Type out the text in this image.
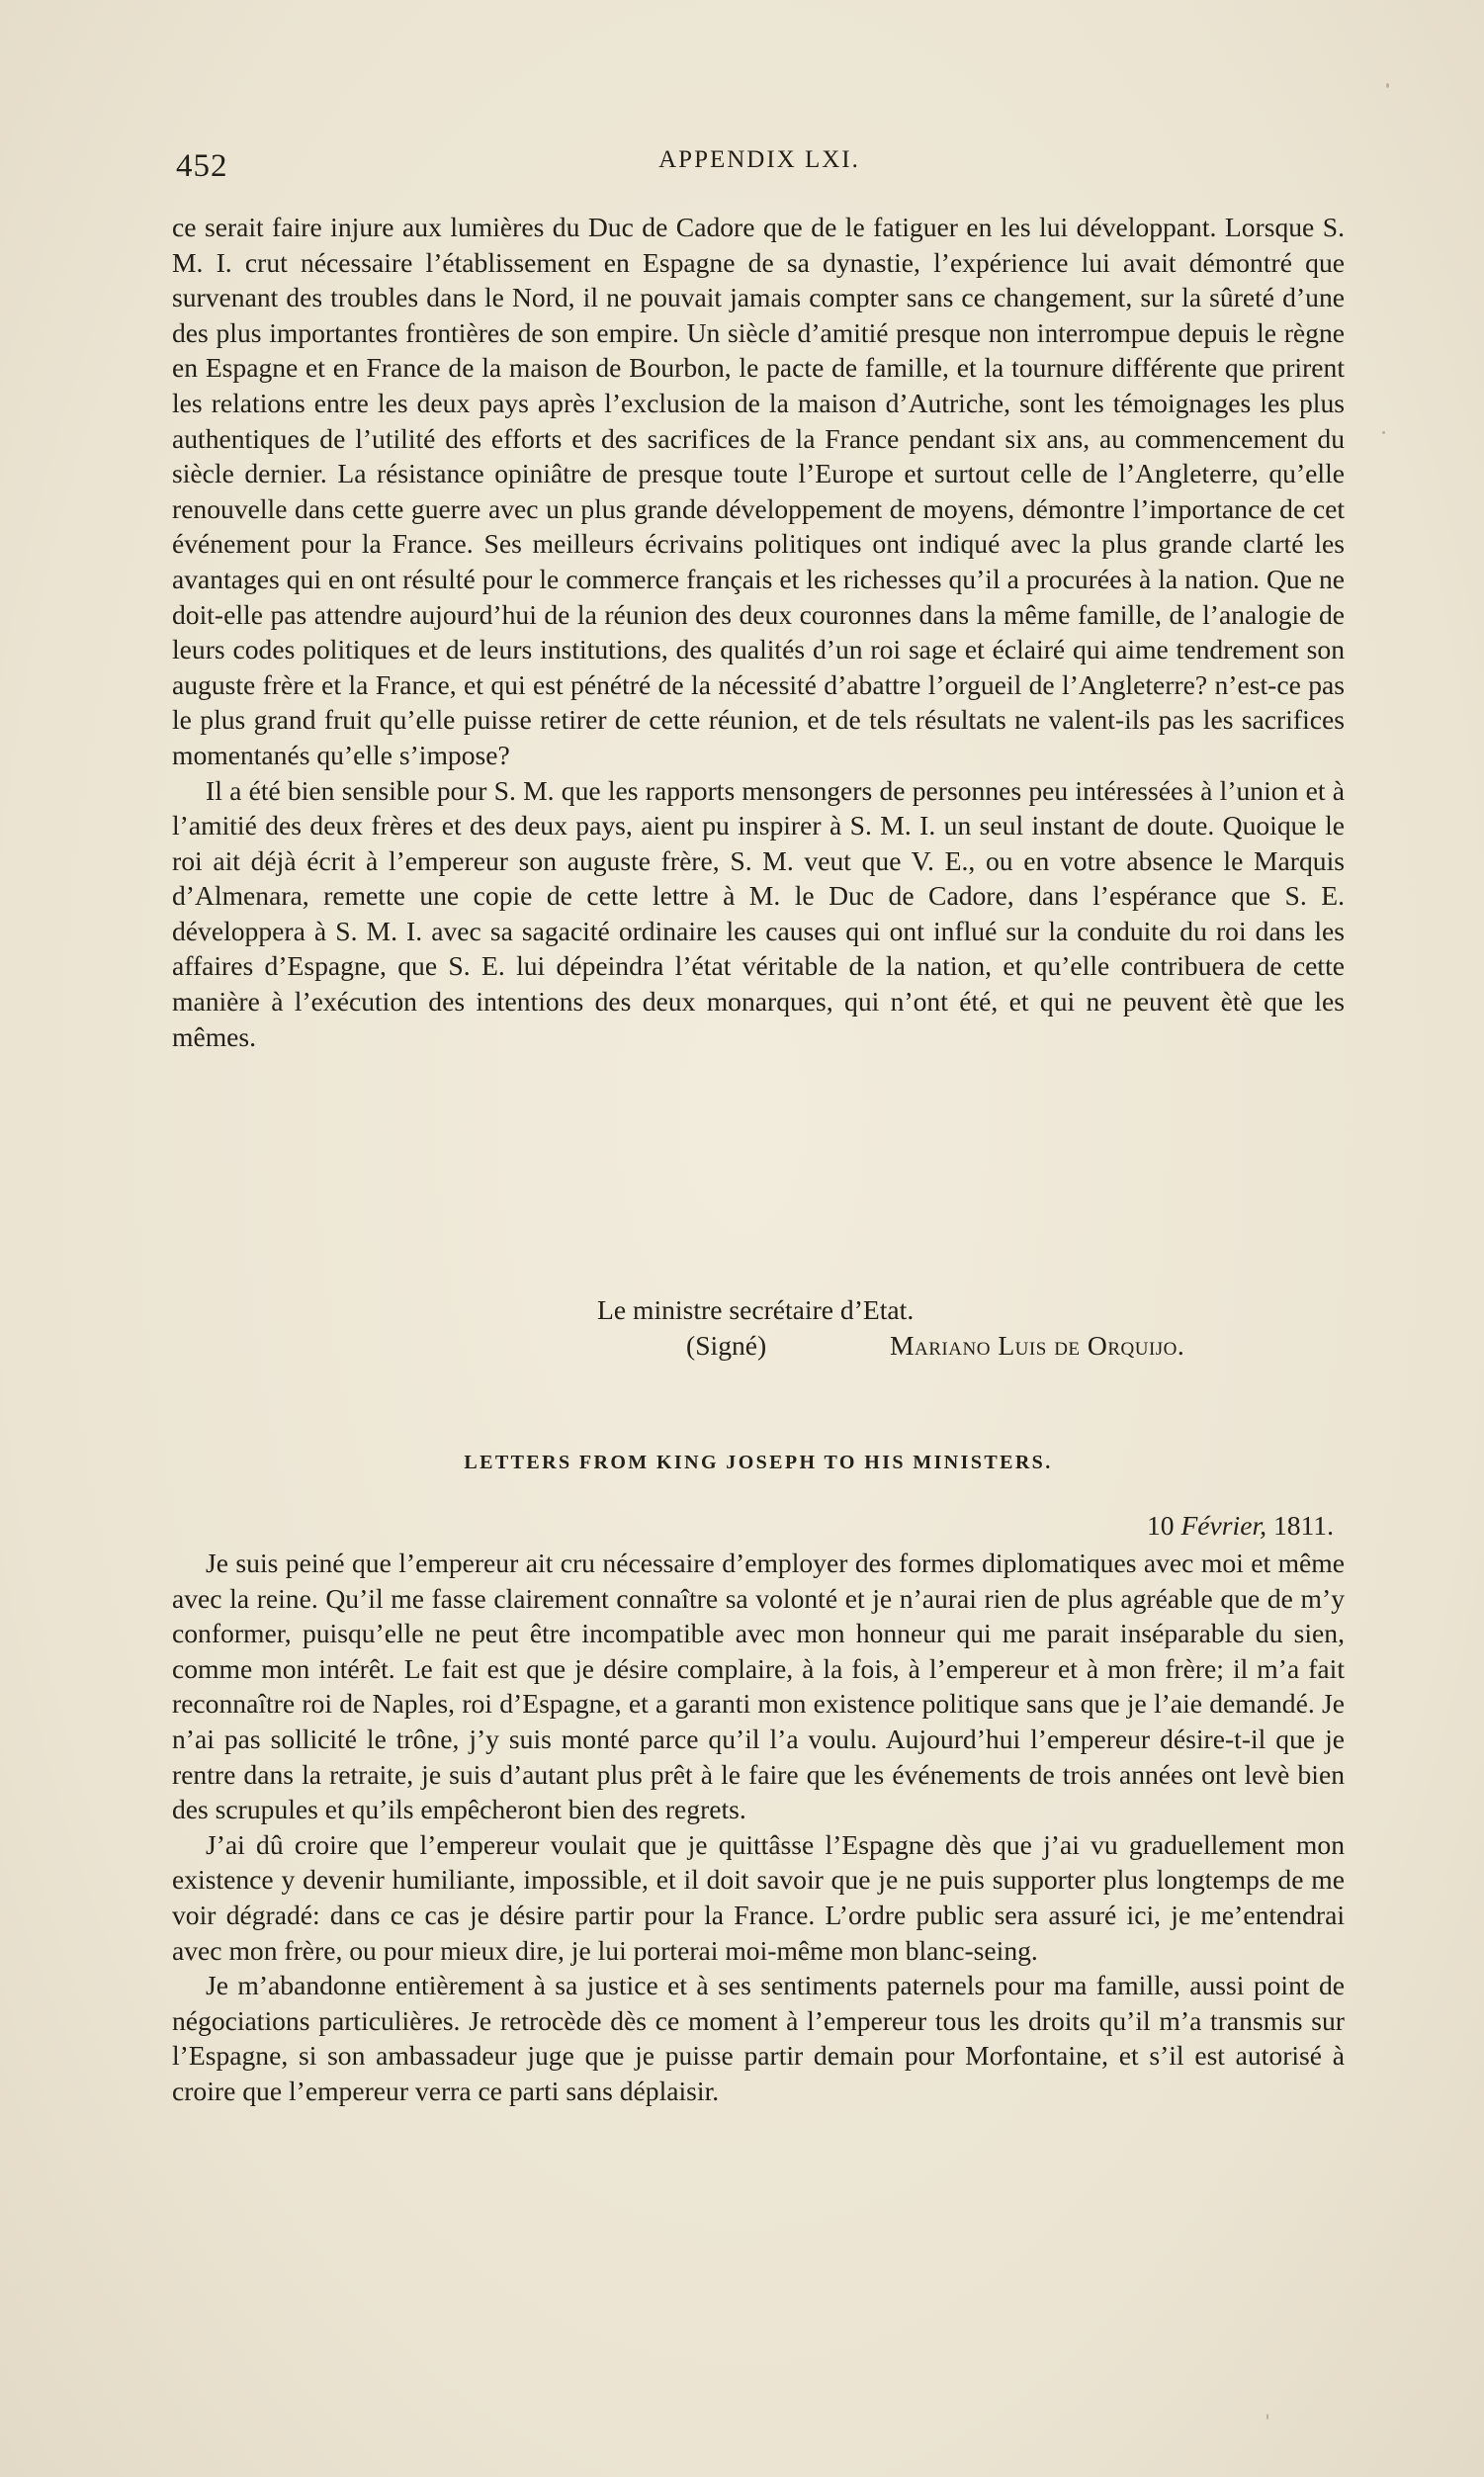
452	APPENDIX LXI.

ce serait faire injure aux lumières du Duc de Cadore que de le fatiguer en les lui développant. Lorsque S. M. I. crut nécessaire l’établissement en Espagne de sa dynastie, l’expérience lui avait démontré que survenant des troubles dans le Nord, il ne pouvait jamais compter sans ce changement, sur la sûreté d’une des plus importantes frontières de son empire. Un siècle d’amitié presque non interrompue depuis le règne en Espagne et en France de la maison de Bourbon, le pacte de famille, et la tournure différente que prirent les relations entre les deux pays après l’exclusion de la maison d’Autriche, sont les témoignages les plus authentiques de l’utilité des efforts et des sacrifices de la France pendant six ans, au commencement du siècle dernier. La résistance opiniâtre de presque toute l’Europe et surtout celle de l’Angleterre, qu’elle renouvelle dans cette guerre avec un plus grande développement de moyens, démontre l’importance de cet événement pour la France. Ses meilleurs écrivains politiques ont indiqué avec la plus grande clarté les avantages qui en ont résulté pour le commerce français et les richesses qu’il a procurées à la nation. Que ne doit-elle pas attendre aujourd’hui de la réunion des deux couronnes dans la même famille, de l’analogie de leurs codes politiques et de leurs institutions, des qualités d’un roi sage et éclairé qui aime tendrement son auguste frère et la France, et qui est pénétré de la nécessité d’abattre l’orgueil de l’Angleterre? n’est-ce pas le plus grand fruit qu’elle puisse retirer de cette réunion, et de tels résultats ne valent-ils pas les sacrifices momentanés qu’elle s’impose?

Il a été bien sensible pour S. M. que les rapports mensongers de personnes peu intéressées à l’union et à l’amitié des deux frères et des deux pays, aient pu inspirer à S. M. I. un seul instant de doute. Quoique le roi ait déjà écrit à l’empereur son auguste frère, S. M. veut que V. E., ou en votre absence le Marquis d’Almenara, remette une copie de cette lettre à M. le Duc de Cadore, dans l’espérance que S. E. développera à S. M. I. avec sa sagacité ordinaire les causes qui ont influé sur la conduite du roi dans les affaires d’Espagne, que S. E. lui dépeindra l’état véritable de la nation, et qu’elle contribuera de cette manière à l’exécution des intentions des deux monarques, qui n’ont été, et qui ne peuvent ètè que les mêmes.

Le ministre secrétaire d’Etat.
(Signé)	Mariano Luis de Orquijo.
LETTERS FROM KING JOSEPH TO HIS MINISTERS.
10 Février, 1811.

Je suis peiné que l’empereur ait cru nécessaire d’employer des formes diplomatiques avec moi et même avec la reine. Qu’il me fasse clairement connaître sa volonté et je n’aurai rien de plus agréable que de m’y conformer, puisqu’elle ne peut être incompatible avec mon honneur qui me parait inséparable du sien, comme mon intérêt. Le fait est que je désire complaire, à la fois, à l’empereur et à mon frère; il m’a fait reconnaître roi de Naples, roi d’Espagne, et a garanti mon existence politique sans que je l’aie demandé. Je n’ai pas sollicité le trône, j’y suis monté parce qu’il l’a voulu. Aujourd’hui l’empereur désire-t-il que je rentre dans la retraite, je suis d’autant plus prêt à le faire que les événements de trois années ont levè bien des scrupules et qu’ils empêcheront bien des regrets.

J’ai dû croire que l’empereur voulait que je quittâsse l’Espagne dès que j’ai vu graduellement mon existence y devenir humiliante, impossible, et il doit savoir que je ne puis supporter plus longtemps de me voir dégradé: dans ce cas je désire partir pour la France. L’ordre public sera assuré ici, je me’entendrai avec mon frère, ou pour mieux dire, je lui porterai moi-même mon blanc-seing.

Je m’abandonne entièrement à sa justice et à ses sentiments paternels pour ma famille, aussi point de négociations particulières. Je retrocède dès ce moment à l’empereur tous les droits qu’il m’a transmis sur l’Espagne, si son ambassadeur juge que je puisse partir demain pour Morfontaine, et s’il est autorisé à croire que l’empereur verra ce parti sans déplaisir.
